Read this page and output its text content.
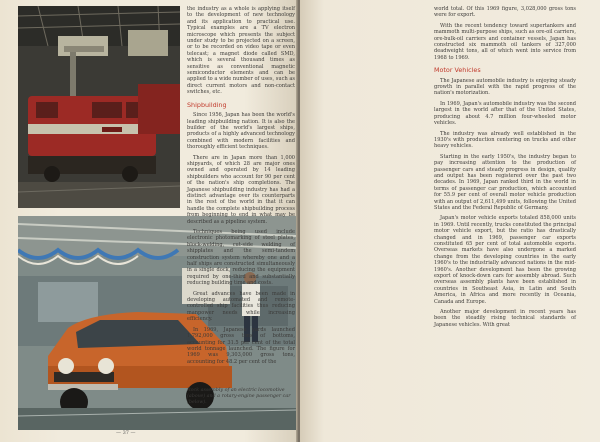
the industry as a whole is applying itself to the development of new technology and its application to practical use. Typical examples are a TV electron microscope which presents the subject under study to be projected on a screen, or to be recorded on video tape or even telecast; a magnet diode called SMD, which is several thousand times as sensitive as conventional magnetic semiconductor elements and can be applied to a wide number of uses, such as direct current motors and non-contact switches, etc.

Shipbuilding

Since 1956, Japan has been the world's leading shipbuilding nation. It is also the builder of the world's largest ships, products of a highly advanced technology combined with modern facilities and thoroughly efficient techniques.

There are in Japan more than 1,000 shipyards, of which 28 are major ones owned and operated by 14 leading shipbuilders who account for 90 per cent of the nation's ship completions. The Japanese shipbuilding industry has had a distinct advantage over its counterparts in the rest of the world in that it can handle the complete shipbuilding process from beginning to end in what may be described as a pipeline system.

Techniques being used include electronic photomarking of steel plates, block-welding, cut-side welding of shipplates and the semi-tandem construction system whereby one and a half ships are constructed simultaneously in a single dock, reducing the equipment required by one-third and substantially reducing building time and costs.

Great advances have been made in developing automated and remote-controlled ship facilities thus reducing manpower needs while increasing efficiency.

In 1969, Japanese yards launched 1,792,000 gross tons of bottoms, accounting for 31.5 per cent of the total world tonnage launched. The figure for 1969 was 9,303,000 gross tons, accounting for 48.2 per cent of the

Rock assembly of an electric locomotive (above) and a rotary-engine passenger car (below).
— 37 —

world total. Of this 1969 figure, 3,028,000 gross tons were for export.

With the recent tendency toward supertankers and mammoth multi-purpose ships, such as ore-oil carriers, ore-bulk-oil carriers and container vessels, Japan has constructed six mammoth oil tankers of 327,000 deadweight tons, all of which went into service from 1968 to 1969.

Motor Vehicles

The Japanese automobile industry is enjoying steady growth in parallel with the rapid progress of the nation's motorization.

In 1969, Japan's automobile industry was the second largest in the world after that of the United States, producing about 4.7 million four-wheeled motor vehicles.

The industry was already well established in the 1930's with production centering on trucks and other heavy vehicles.

Starting in the early 1950's, the industry began to pay increasing attention to the production of passenger cars and steady progress in design, quality and output has been registered over the past two decades. In 1969, Japan ranked third in the world in terms of passenger car production, which accounted for 55.9 per cent of overall motor vehicle production with an output of 2,611,499 units, following the United States and the Federal Republic of Germany.

Japan's motor vehicle exports totaled 858,000 units in 1969. Until recently, trucks constituted the principal motor vehicle export, but the ratio has drastically changed and in 1969, passenger car exports constituted 65 per cent of total automobile exports. Overseas markets have also undergone a marked change from the developing countries in the early 1960's to the industrially advanced nations in the mid-1960's. Another development has been the growing export of knock-down cars for assembly abroad. Such overseas assembly plants have been established in countries in Southeast Asia, in Latin and South America, in Africa and more recently in Oceania, Canada and Europe.

Another major development in recent years has been the steadily rising technical standards of Japanese vehicles. With great
